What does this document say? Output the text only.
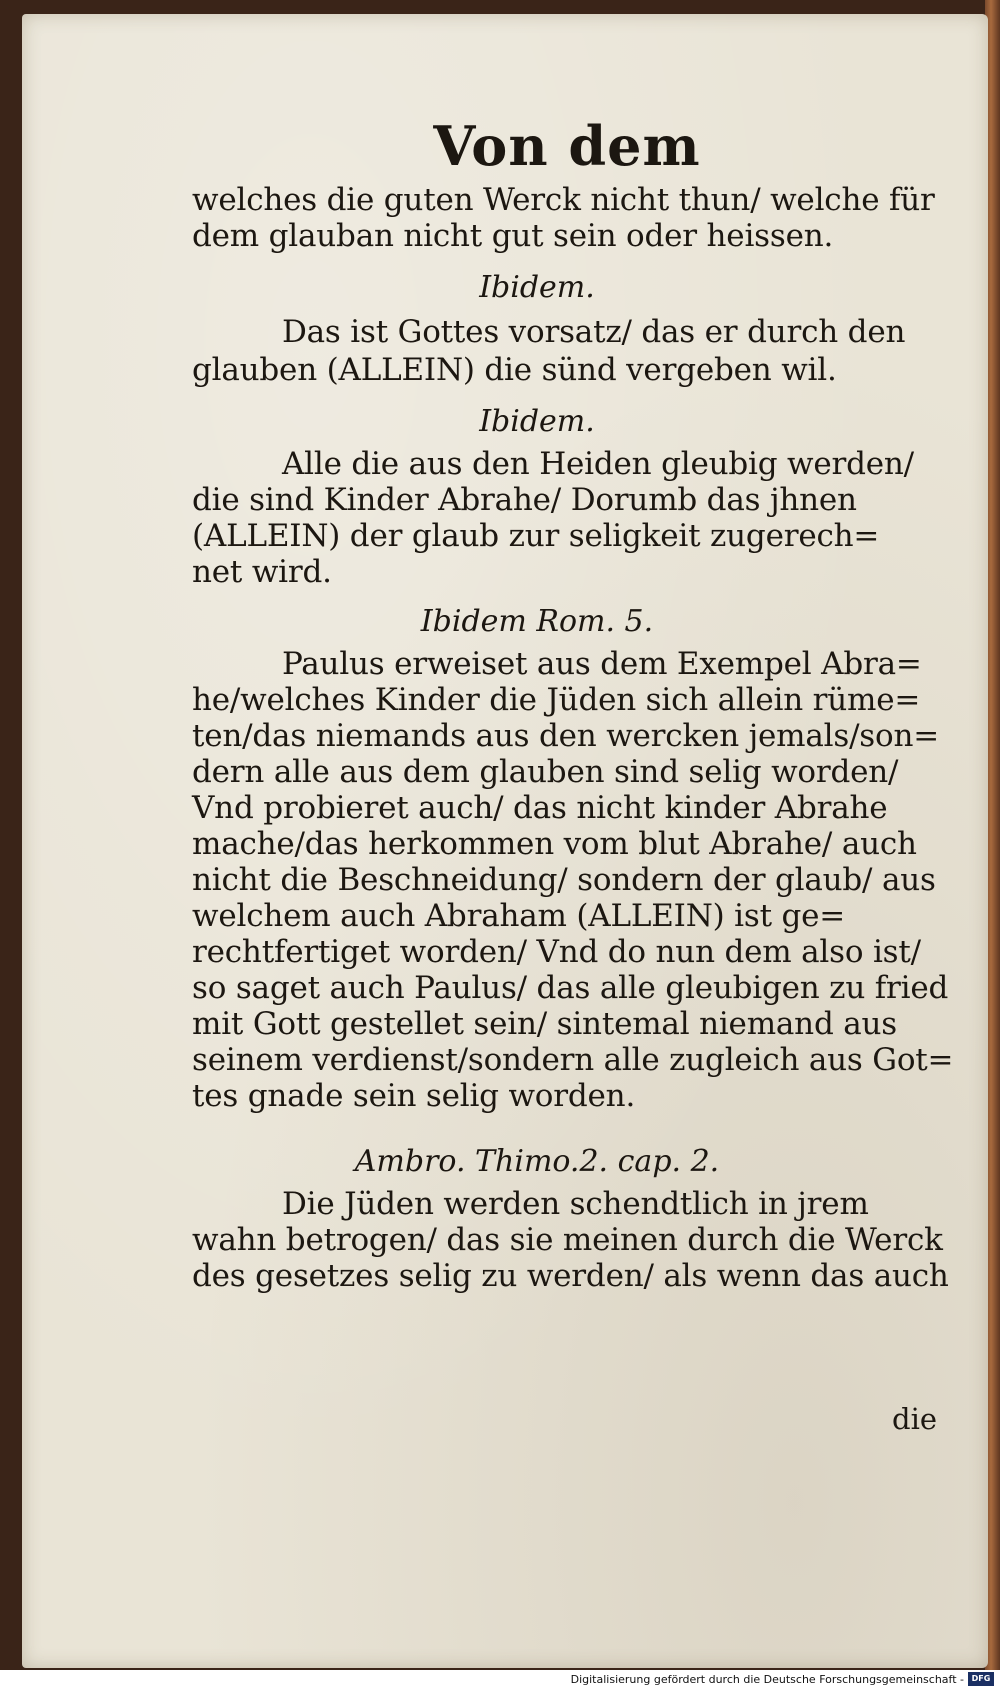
Von dem
welches die guten Werck nicht thun/ welche für
dem glauban nicht gut sein oder heissen.
Ibidem.
Das ist Gottes vorsatz/ das er durch den
glauben (ALLEIN) die sünd vergeben wil.
Ibidem.
Alle die aus den Heiden gleubig werden/
die sind Kinder Abrahe/ Dorumb das jhnen
(ALLEIN) der glaub zur seligkeit zugerech=
net wird.
Ibidem Rom. 5.
Paulus erweiset aus dem Exempel Abra=
he/welches Kinder die Jüden sich allein rüme=
ten/das niemands aus den wercken jemals/son=
dern alle aus dem glauben sind selig worden/
Vnd probieret auch/ das nicht kinder Abrahe
mache/das herkommen vom blut Abrahe/ auch
nicht die Beschneidung/ sondern der glaub/ aus
welchem auch Abraham (ALLEIN) ist ge=
rechtfertiget worden/ Vnd do nun dem also ist/
so saget auch Paulus/ das alle gleubigen zu fried
mit Gott gestellet sein/ sintemal niemand aus
seinem verdienst/sondern alle zugleich aus Got=
tes gnade sein selig worden.
Ambro. Thimo.2. cap. 2.
Die Jüden werden schendtlich in jrem
wahn betrogen/ das sie meinen durch die Werck
des gesetzes selig zu werden/ als wenn das auch
die
Digitalisierung gefördert durch die Deutsche Forschungsgemeinschaft - DFG
